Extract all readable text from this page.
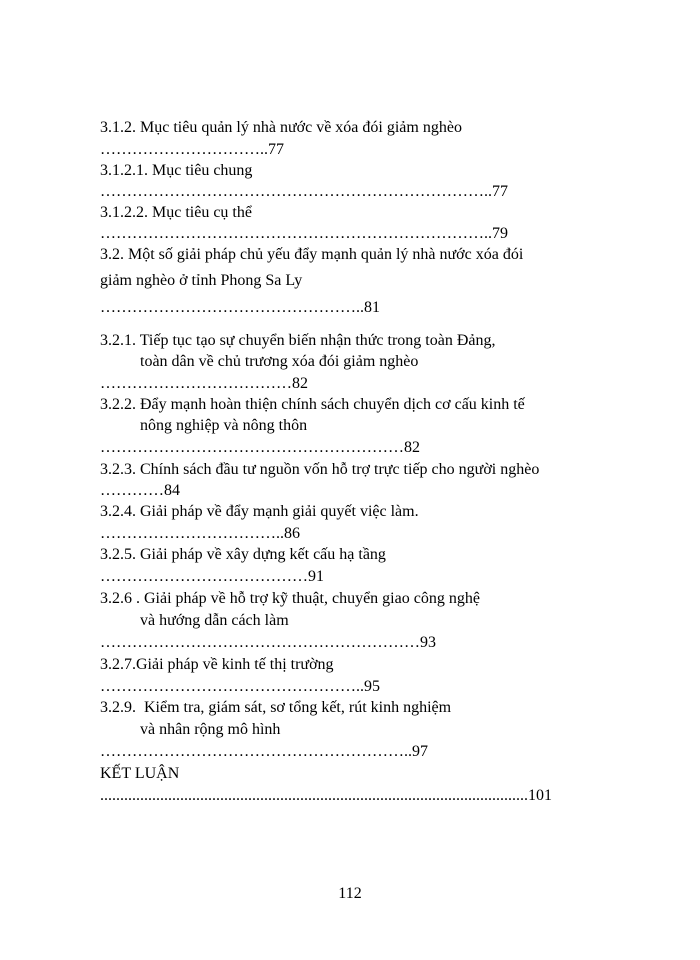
3.1.2. Mục tiêu quản lý nhà nước về xóa đói giảm nghèo
…………………………..77
3.1.2.1. Mục tiêu chung
………………………………………………………………..77
3.1.2.2. Mục tiêu cụ thể
………………………………………………………………..79
3.2. Một số giải pháp chủ yếu đẩy mạnh quản lý nhà nước xóa đói
giảm nghèo ở tỉnh Phong Sa Ly
…………………………………………..81
3.2.1. Tiếp tục tạo sự chuyển biến nhận thức trong toàn Đảng,
toàn dân về chủ trương xóa đói giảm nghèo
………………………………82
3.2.2. Đẩy mạnh hoàn thiện chính sách chuyển dịch cơ cấu kinh tế
nông nghiệp và nông thôn
…………………………………………………82
3.2.3. Chính sách đầu tư nguồn vốn hỗ trợ trực tiếp cho người nghèo
…………84
3.2.4. Giải pháp về đẩy mạnh giải quyết việc làm.
……………………………..86
3.2.5. Giải pháp về xây dựng kết cấu hạ tầng
…………………………………91
3.2.6 . Giải pháp về hỗ trợ kỹ thuật, chuyển giao công nghệ
và hướng dẫn cách làm
……………………………………………………93
3.2.7.Giải pháp về kinh tế thị trường
…………………………………………..95
3.2.9.  Kiểm tra, giám sát, sơ tổng kết, rút kinh nghiệm
và nhân rộng mô hình
…………………………………………………..97
KẾT LUẬN
...........................................................................................................101
112
